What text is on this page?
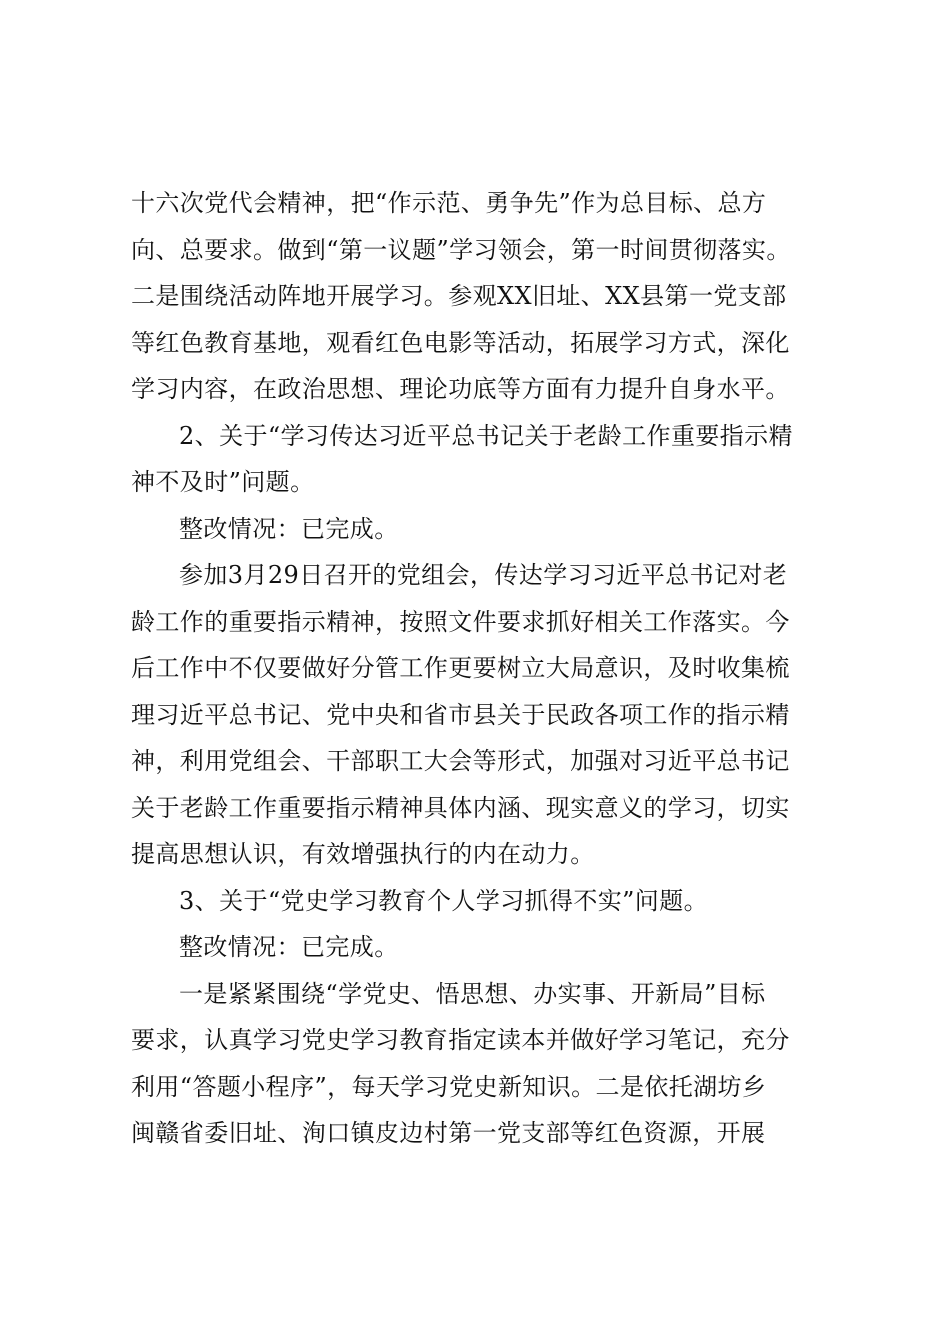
十六次党代会精神，把“作示范、勇争先”作为总目标、总方
向、总要求。做到“第一议题”学习领会，第一时间贯彻落实。
二是围绕活动阵地开展学习。参观XX旧址、XX县第一党支部
等红色教育基地，观看红色电影等活动，拓展学习方式，深化
学习内容，在政治思想、理论功底等方面有力提升自身水平。
2、关于“学习传达习近平总书记关于老龄工作重要指示精
神不及时”问题。
整改情况：已完成。
参加3月29日召开的党组会，传达学习习近平总书记对老
龄工作的重要指示精神，按照文件要求抓好相关工作落实。今
后工作中不仅要做好分管工作更要树立大局意识，及时收集梳
理习近平总书记、党中央和省市县关于民政各项工作的指示精
神，利用党组会、干部职工大会等形式，加强对习近平总书记
关于老龄工作重要指示精神具体内涵、现实意义的学习，切实
提高思想认识，有效增强执行的内在动力。
3、关于“党史学习教育个人学习抓得不实”问题。
整改情况：已完成。
一是紧紧围绕“学党史、悟思想、办实事、开新局”目标
要求，认真学习党史学习教育指定读本并做好学习笔记，充分
利用“答题小程序”，每天学习党史新知识。二是依托湖坊乡
闽赣省委旧址、洵口镇皮边村第一党支部等红色资源，开展
